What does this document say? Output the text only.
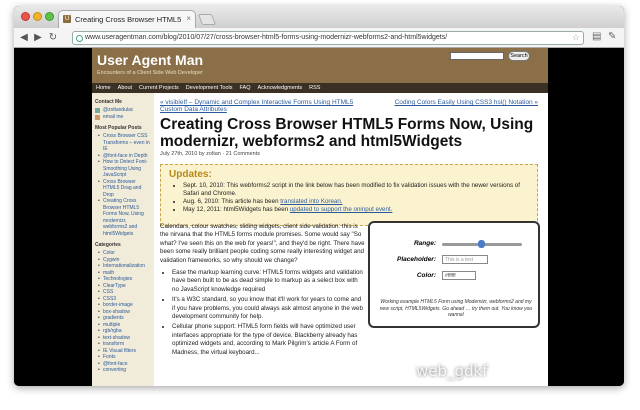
U Creating Cross Browser HTML5 ×
◀ ▶ ↻	www.useragentman.com/blog/2010/07/27/cross-browser-html5-forms-using-modernizr-webforms2-and-html5widgets/	☆ ▤ ✎
User Agent Man
Encounters of a Client Side Web Developer
Search
Home About Current Projects Development Tools FAQ Acknowledgments RSS
Contact Me
@zoltandulac
email me
Most Popular Posts
• Cross Browser CSS Transforms – even in IE
• @font-face in Depth
• How to Detect Font-Smoothing Using JavaScript
• Cross Browser HTML5 Drag and Drop
• Creating Cross Browser HTML5 Forms Now, Using modernizr, webforms2 and html5Widgets
Categories
• Color
• Cygwin
• Internationalization
• math
• Technologies
• ClearType
• CSS
• CSS3
• border-image
• box-shadow
• gradients
• multiple
• rgb/rgba
• text-shadow
• transform
• IE Visual filters
• Fonts
• @font-face
• converting
« visibleIf – Dynamic and Complex Interactive Forms Using HTML5 Custom Data Attributes
Coding Colors Easily Using CSS3 hsl() Notation »
Creating Cross Browser HTML5 Forms Now, Using modernizr, webforms2 and html5Widgets
July 27th, 2010 by zoltan · 21 Comments
Updates:
• Sept. 10, 2010: This webforms2 script in the link below has been modified to fix validation issues with the newer versions of Safari and Chrome.
• Aug. 6, 2010: This article has been translated into Korean.
• May 12, 2011: html5Widgets has been updated to support the oninput event.

Calendars, colour swatches, sliding widgets, client side validation: this is the nirvana that the HTML5 forms module promises. Some would say "So what? I've seen this on the web for years!", and they'd be right. There have been some really brilliant people coding some really interesting widget and validation frameworks, so why should we change?

• Ease the markup learning curve: HTML5 forms widgets and validation have been built to be as dead simple to markup as a select box with no JavaScript knowledge required
• It's a W3C standard, so you know that it'll work for years to come and if you have problems, you could always ask almost anyone in the web development community for help.
• Cellular phone support: HTML5 form fields will have optimized user interfaces appropriate for the type of device. Blackberry already has optimized widgets and, according to Mark Pilgrim's article A Form of Madness, the virtual keyboard...
Range:
Placeholder:	This is a test
Color:	#ffffff
Working example HTML5 Form using Modernizr, webforms2 and my new script, HTML5Widgets. Go ahead … try them out. You know you wanna!
web_gdkf
